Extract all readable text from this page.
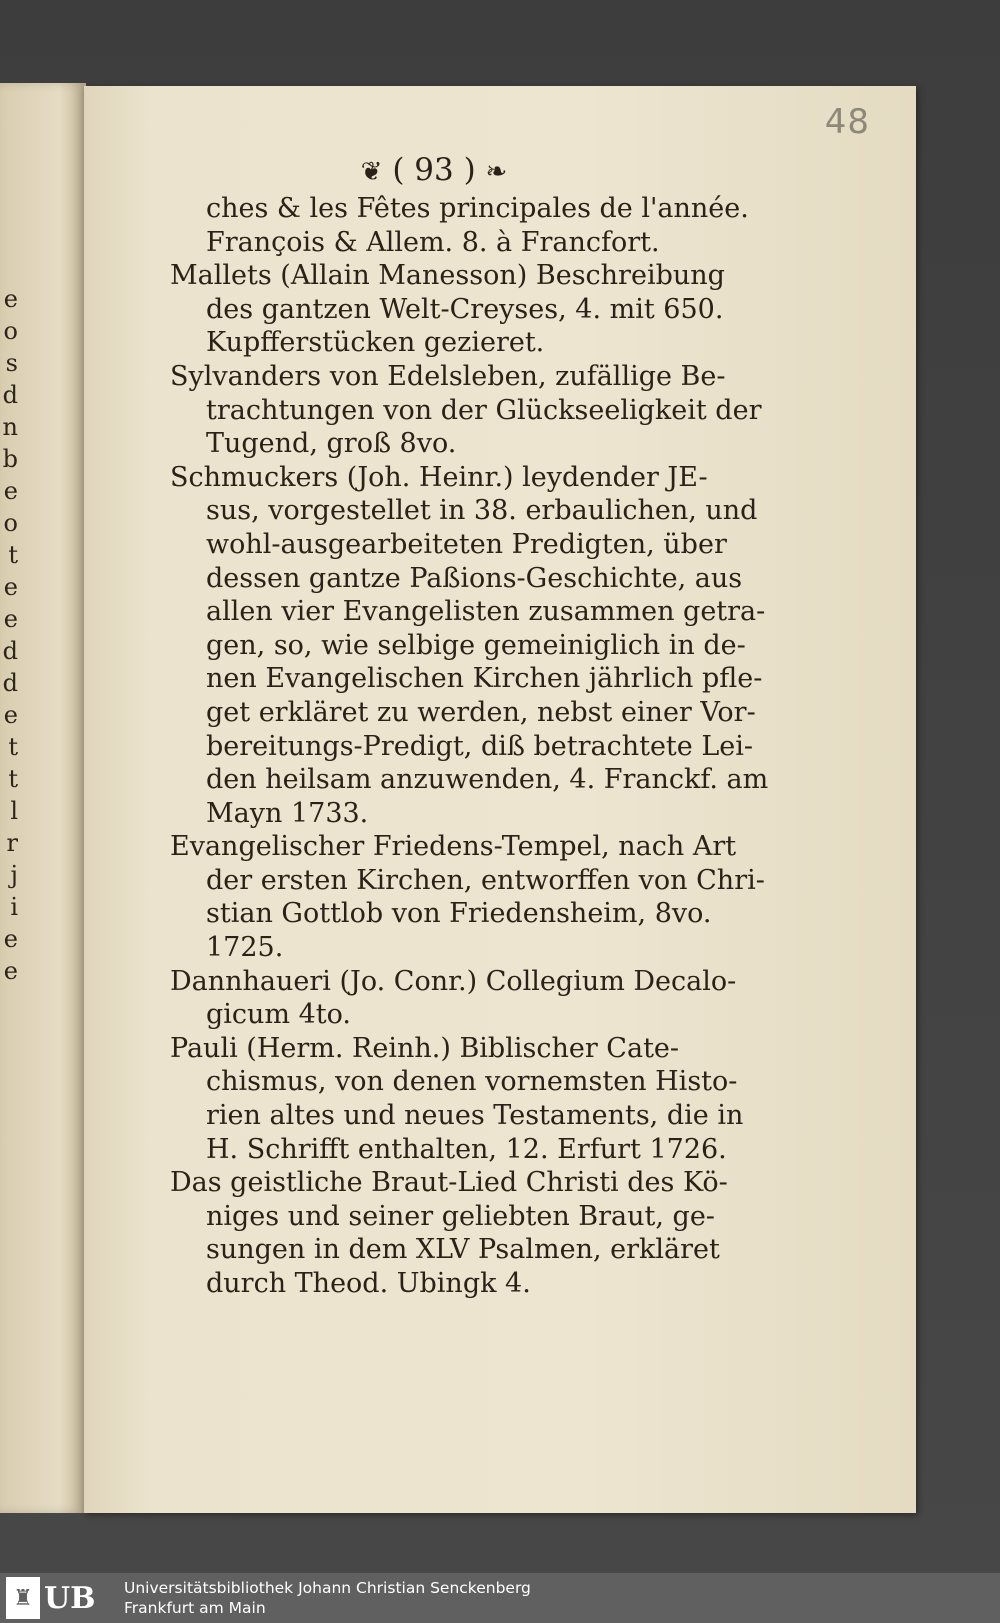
e
o
s
d
n
b
e
o
t
e
e
d
d
e
t
t
l
r
j
i
e
e
48
❦ ( 93 ) ❧

ches & les Fêtes principales de l'année.

François & Allem. 8. à Francfort.

Mallets (Allain Manesson) Beschreibung

des gantzen Welt-Creyses, 4. mit 650.

Kupfferstücken gezieret.

Sylvanders von Edelsleben, zufällige Be-

trachtungen von der Glückseeligkeit der

Tugend, groß 8vo.

Schmuckers (Joh. Heinr.) leydender JE-

sus, vorgestellet in 38. erbaulichen, und

wohl-ausgearbeiteten Predigten, über

dessen gantze Paßions-Geschichte, aus

allen vier Evangelisten zusammen getra-

gen, so, wie selbige gemeiniglich in de-

nen Evangelischen Kirchen jährlich pfle-

get erkläret zu werden, nebst einer Vor-

bereitungs-Predigt, diß betrachtete Lei-

den heilsam anzuwenden, 4. Franckf. am

Mayn 1733.

Evangelischer Friedens-Tempel, nach Art

der ersten Kirchen, entworffen von Chri-

stian Gottlob von Friedensheim, 8vo.

1725.

Dannhaueri (Jo. Conr.) Collegium Decalo-

gicum 4to.

Pauli (Herm. Reinh.) Biblischer Cate-

chismus, von denen vornemsten Histo-

rien altes und neues Testaments, die in

H. Schrifft enthalten, 12. Erfurt 1726.

Das geistliche Braut-Lied Christi des Kö-

niges und seiner geliebten Braut, ge-

sungen in dem XLV Psalmen, erkläret

durch Theod. Ubingk 4.

♜ UB Universitätsbibliothek Johann Christian Senckenberg
Frankfurt am Main
